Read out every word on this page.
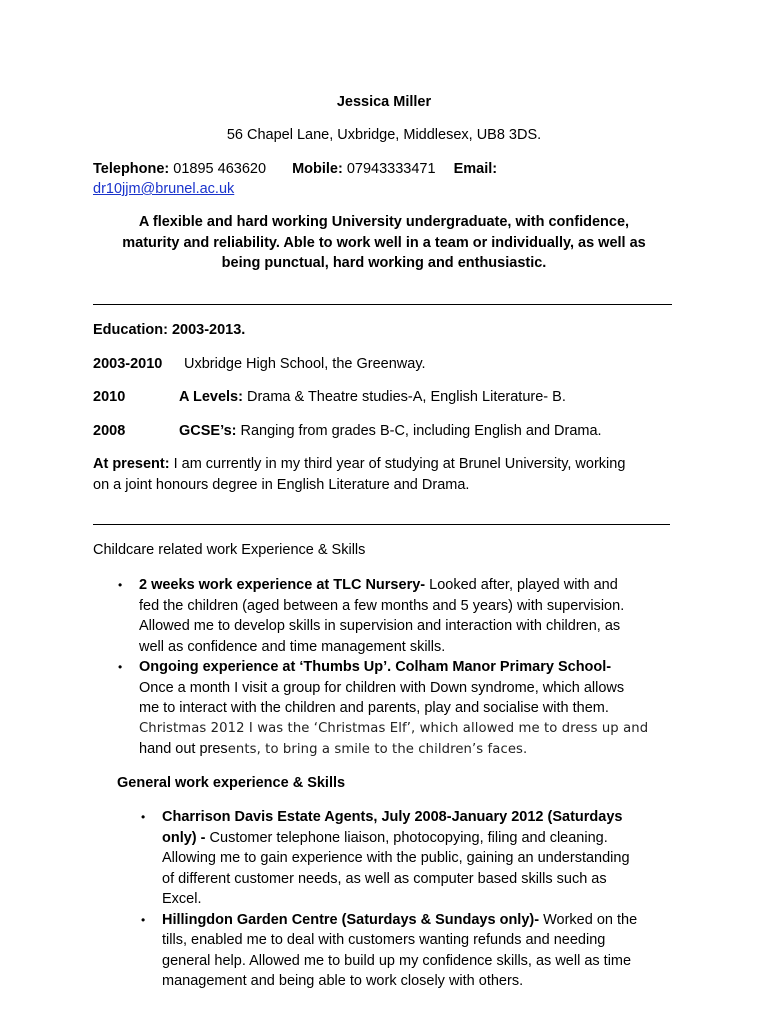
Jessica Miller
56 Chapel Lane, Uxbridge, Middlesex, UB8 3DS.
Telephone: 01895 463620 Mobile: 07943333471 Email:
dr10jjm@brunel.ac.uk
A flexible and hard working University undergraduate, with confidence,
maturity and reliability. Able to work well in a team or individually, as well as
being punctual, hard working and enthusiastic.
Education: 2003-2013.
2003-2010 Uxbridge High School, the Greenway.
2010	A Levels: Drama & Theatre studies-A, English Literature- B.
2008	GCSE’s: Ranging from grades B-C, including English and Drama.
At present: I am currently in my third year of studying at Brunel University, working
on a joint honours degree in English Literature and Drama.
Childcare related work Experience & Skills
• 2 weeks work experience at TLC Nursery- Looked after, played with and
fed the children (aged between a few months and 5 years) with supervision.
Allowed me to develop skills in supervision and interaction with children, as
well as confidence and time management skills.
• Ongoing experience at ‘Thumbs Up’. Colham Manor Primary School-
Once a month I visit a group for children with Down syndrome, which allows
me to interact with the children and parents, play and socialise with them.
Christmas 2012 I was the ‘Christmas Elf’, which allowed me to dress up and
hand out presents, to bring a smile to the children’s faces.
General work experience & Skills
• Charrison Davis Estate Agents, July 2008-January 2012 (Saturdays
only) - Customer telephone liaison, photocopying, filing and cleaning.
Allowing me to gain experience with the public, gaining an understanding
of different customer needs, as well as computer based skills such as
Excel.
• Hillingdon Garden Centre (Saturdays & Sundays only)- Worked on the
tills, enabled me to deal with customers wanting refunds and needing
general help. Allowed me to build up my confidence skills, as well as time
management and being able to work closely with others.
